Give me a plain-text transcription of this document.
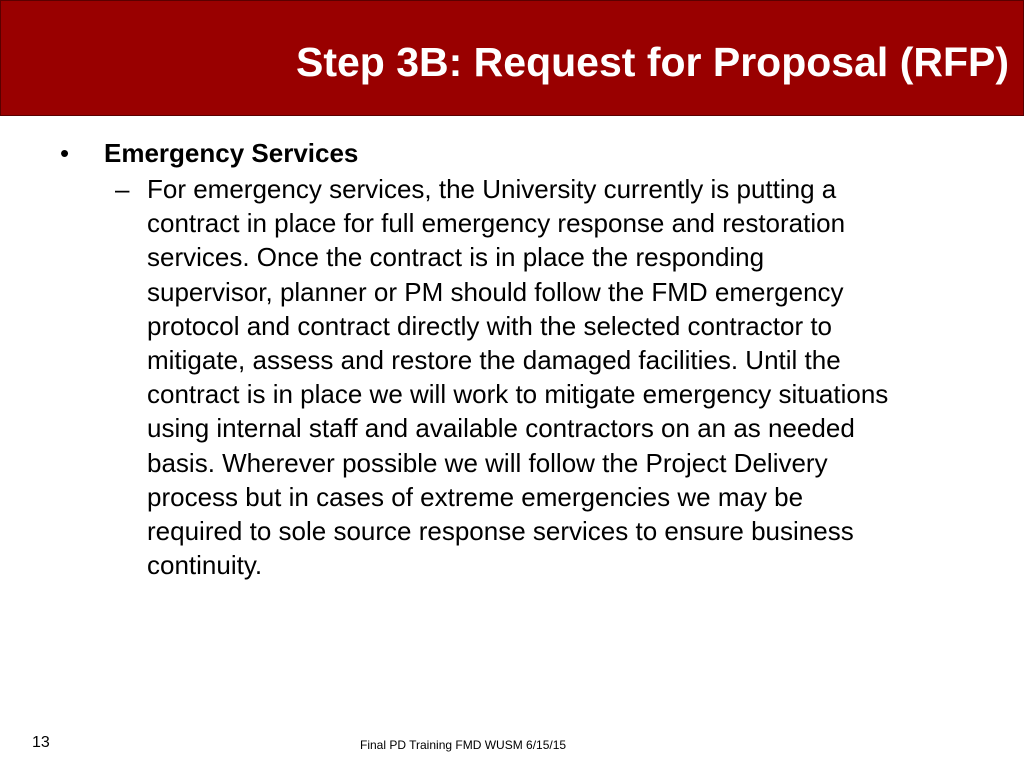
Step 3B: Request for Proposal (RFP)
• Emergency Services
– For emergency services, the University currently is putting a
contract in place for full emergency response and restoration
services. Once the contract is in place the responding
supervisor, planner or PM should follow the FMD emergency
protocol and contract directly with the selected contractor to
mitigate, assess and restore the damaged facilities. Until the
contract is in place we will work to mitigate emergency situations
using internal staff and available contractors on an as needed
basis. Wherever possible we will follow the Project Delivery
process but in cases of extreme emergencies we may be
required to sole source response services to ensure business
continuity.
13	Final PD Training FMD WUSM 6/15/15
